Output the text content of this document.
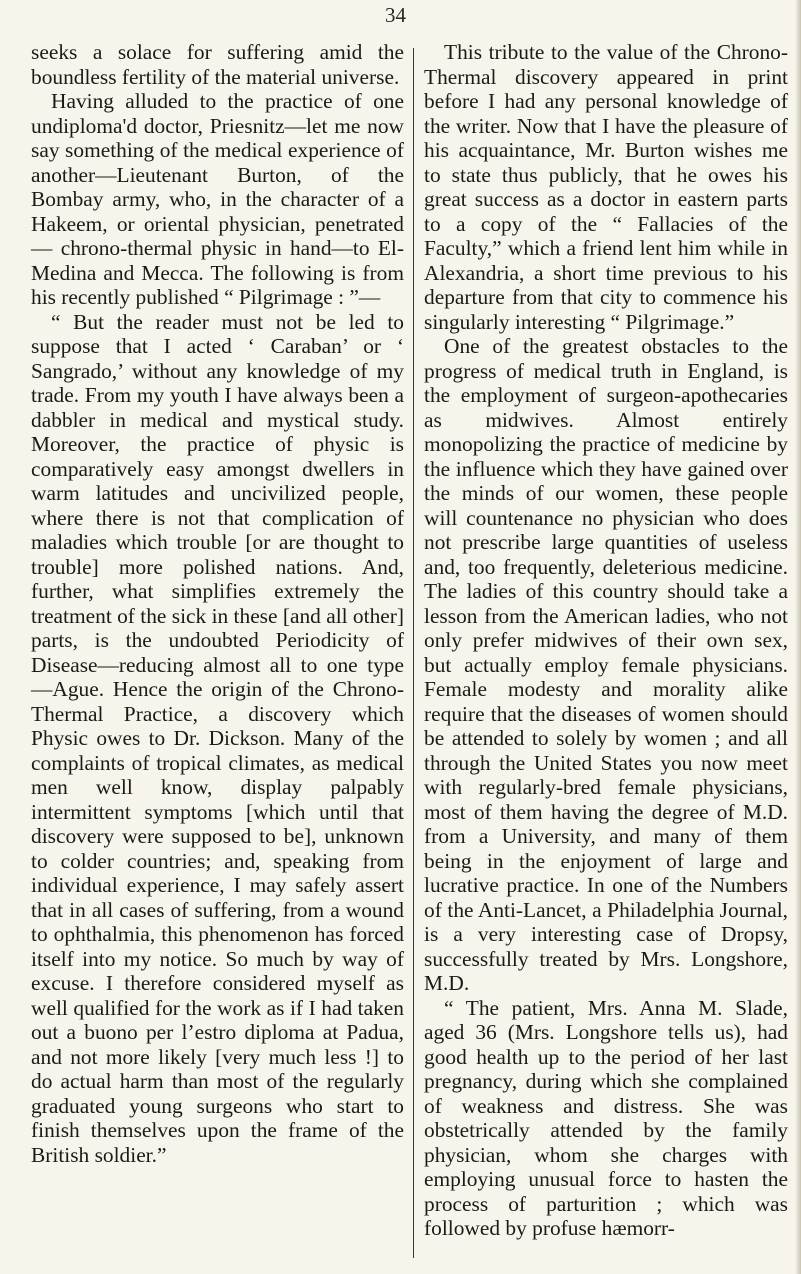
34

seeks a solace for suffering amid the boundless fertility of the material universe.

Having alluded to the practice of one undiploma'd doctor, Priesnitz—let me now say something of the medical experience of another—Lieutenant Burton, of the Bombay army, who, in the character of a Hakeem, or oriental physician, penetrated — chrono-thermal physic in hand—to El-Medina and Mecca. The following is from his recently published “ Pilgrimage : ”—

“ But the reader must not be led to suppose that I acted ‘ Caraban’ or ‘ Sangrado,’ without any knowledge of my trade. From my youth I have always been a dabbler in medical and mystical study. Moreover, the practice of physic is comparatively easy amongst dwellers in warm latitudes and uncivilized people, where there is not that complication of maladies which trouble [or are thought to trouble] more polished nations. And, further, what simplifies extremely the treatment of the sick in these [and all other] parts, is the undoubted Periodicity of Disease—reducing almost all to one type—Ague. Hence the origin of the Chrono-Thermal Practice, a discovery which Physic owes to Dr. Dickson. Many of the complaints of tropical climates, as medical men well know, display palpably intermittent symptoms [which until that discovery were supposed to be], unknown to colder countries; and, speaking from individual experience, I may safely assert that in all cases of suffering, from a wound to ophthalmia, this phenomenon has forced itself into my notice. So much by way of excuse. I therefore considered myself as well qualified for the work as if I had taken out a buono per l’estro diploma at Padua, and not more likely [very much less !] to do actual harm than most of the regularly graduated young surgeons who start to finish themselves upon the frame of the British soldier.”

This tribute to the value of the Chrono-Thermal discovery appeared in print before I had any personal knowledge of the writer. Now that I have the pleasure of his acquaintance, Mr. Burton wishes me to state thus publicly, that he owes his great success as a doctor in eastern parts to a copy of the “ Fallacies of the Faculty,” which a friend lent him while in Alexandria, a short time previous to his departure from that city to commence his singularly interesting “ Pilgrimage.”

One of the greatest obstacles to the progress of medical truth in England, is the employment of surgeon-apothecaries as midwives. Almost entirely monopolizing the practice of medicine by the influence which they have gained over the minds of our women, these people will countenance no physician who does not prescribe large quantities of useless and, too frequently, deleterious medicine. The ladies of this country should take a lesson from the American ladies, who not only prefer midwives of their own sex, but actually employ female physicians. Female modesty and morality alike require that the diseases of women should be attended to solely by women ; and all through the United States you now meet with regularly-bred female physicians, most of them having the degree of M.D. from a University, and many of them being in the enjoyment of large and lucrative practice. In one of the Numbers of the Anti-Lancet, a Philadelphia Journal, is a very interesting case of Dropsy, successfully treated by Mrs. Longshore, M.D.

“ The patient, Mrs. Anna M. Slade, aged 36 (Mrs. Longshore tells us), had good health up to the period of her last pregnancy, during which she complained of weakness and distress. She was obstetrically attended by the family physician, whom she charges with employing unusual force to hasten the process of parturition ; which was followed by profuse hæmorr-
